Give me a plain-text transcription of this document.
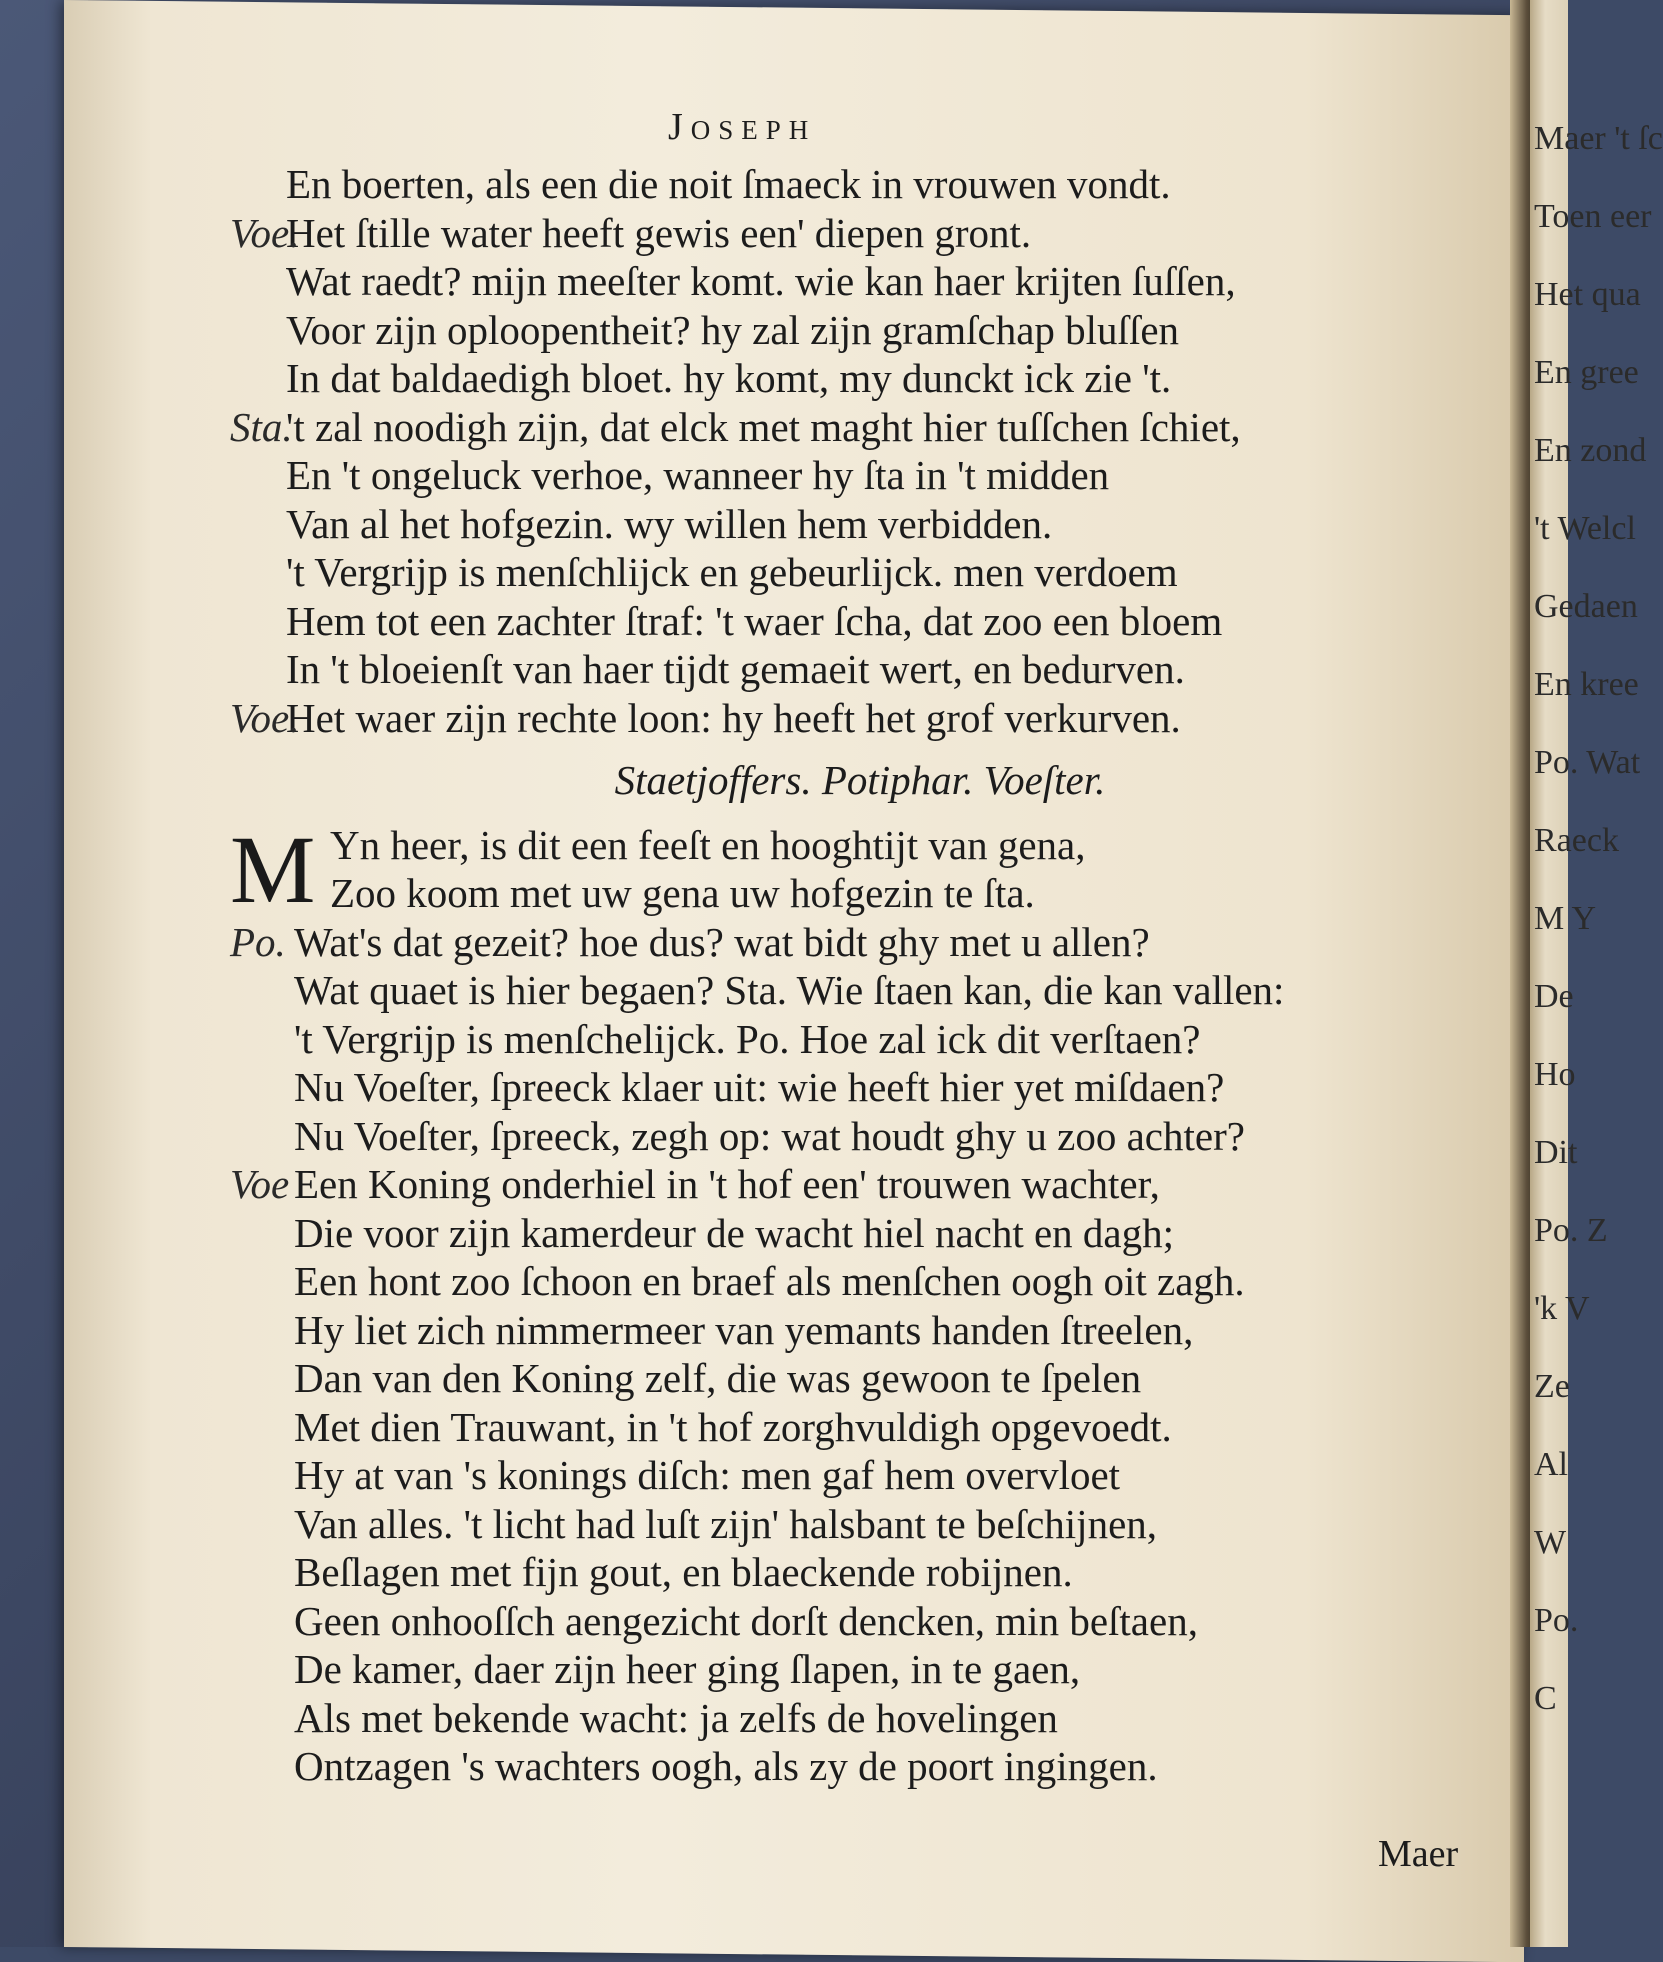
Maer 't ſc
Toen eer
Het qua
En gree
En zond
't Welcl
Gedaen
En kree
Po. Wat
Raeck
M Y
De
Ho
Dit
Po. Z
'k V
Ze
Al
W
Po.
C
Joseph
En boerten, als een die noit ſmaeck in vrouwen vondt.
Voe.
Het ſtille water heeft gewis een' diepen gront.
Wat raedt? mijn meeſter komt. wie kan haer krijten ſuſſen,
Voor zijn oploopentheit? hy zal zijn gramſchap bluſſen
In dat baldaedigh bloet. hy komt, my dunckt ick zie 't.
Sta.
't zal noodigh zijn, dat elck met maght hier tuſſchen ſchiet,
En 't ongeluck verhoe, wanneer hy ſta in 't midden
Van al het hofgezin. wy willen hem verbidden.
't Vergrijp is menſchlijck en gebeurlijck. men verdoem
Hem tot een zachter ſtraf: 't waer ſcha, dat zoo een bloem
In 't bloeienſt van haer tijdt gemaeit wert, en bedurven.
Voe.
Het waer zijn rechte loon: hy heeft het grof verkurven.
Staetjoffers. Potiphar. Voeſter.
M Yn heer, is dit een feeſt en hooghtijt van gena,
Zoo koom met uw gena uw hofgezin te ſta.
Po. Wat's dat gezeit? hoe dus? wat bidt ghy met u allen?
Wat quaet is hier begaen? Sta. Wie ſtaen kan, die kan vallen:
't Vergrijp is menſchelijck. Po. Hoe zal ick dit verſtaen?
Nu Voeſter, ſpreeck klaer uit: wie heeft hier yet miſdaen?
Nu Voeſter, ſpreeck, zegh op: wat houdt ghy u zoo achter?
Voe Een Koning onderhiel in 't hof een' trouwen wachter,
Die voor zijn kamerdeur de wacht hiel nacht en dagh;
Een hont zoo ſchoon en braef als menſchen oogh oit zagh.
Hy liet zich nimmermeer van yemants handen ſtreelen,
Dan van den Koning zelf, die was gewoon te ſpelen
Met dien Trauwant, in 't hof zorghvuldigh opgevoedt.
Hy at van 's konings diſch: men gaf hem overvloet
Van alles. 't licht had luſt zijn' halsbant te beſchijnen,
Beſlagen met fijn gout, en blaeckende robijnen.
Geen onhooſſch aengezicht dorſt dencken, min beſtaen,
De kamer, daer zijn heer ging ſlapen, in te gaen,
Als met bekende wacht: ja zelfs de hovelingen
Ontzagen 's wachters oogh, als zy de poort ingingen.
Maer
